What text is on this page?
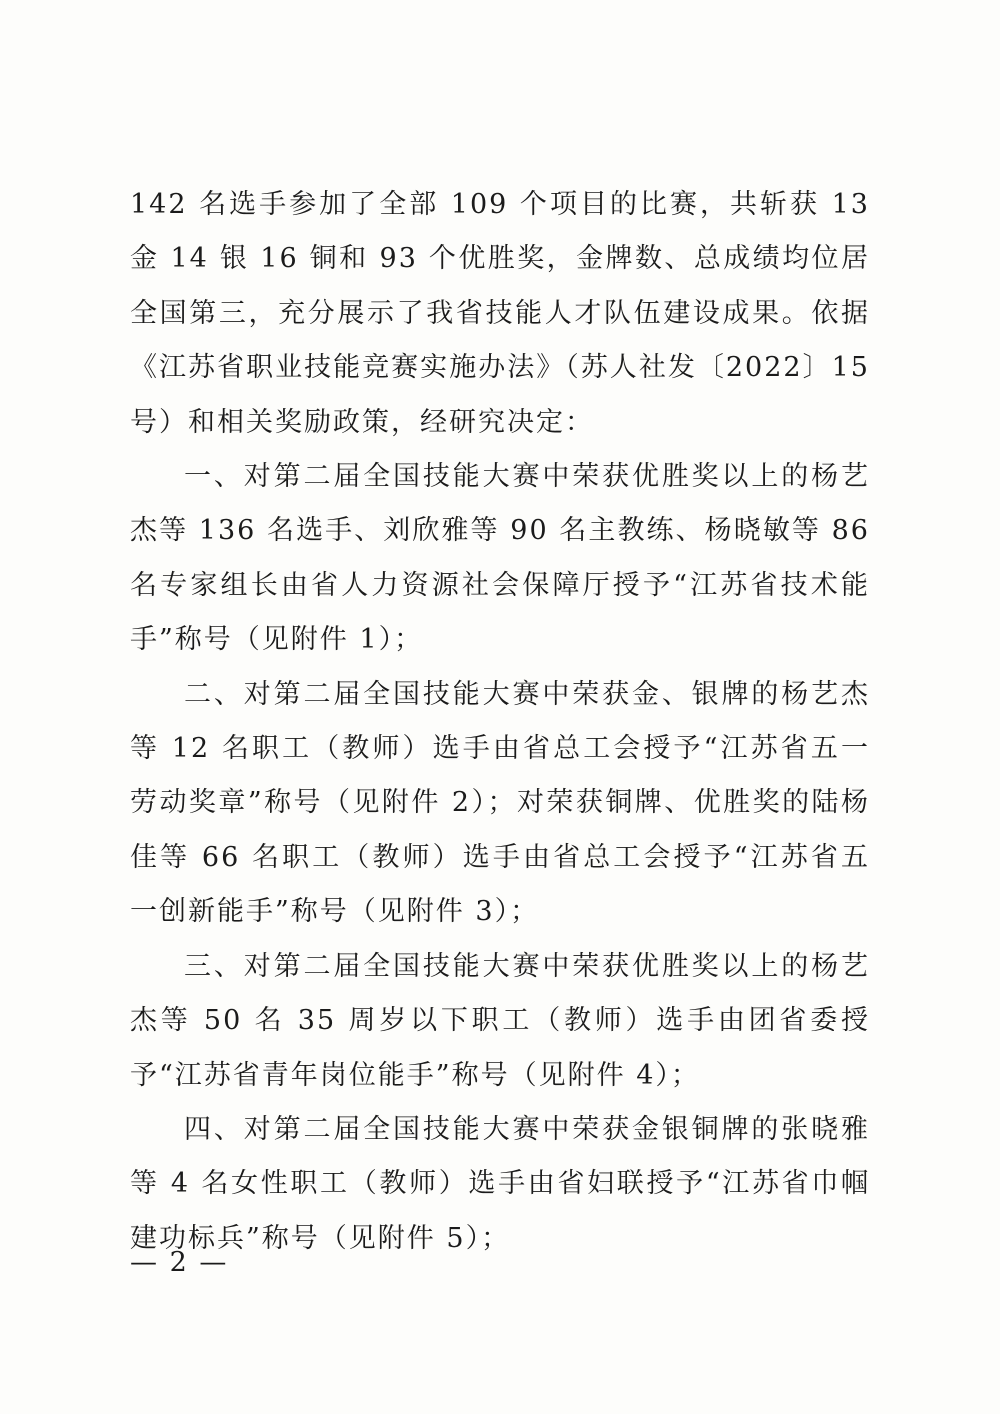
142 名选手参加了全部 109 个项目的比赛，共斩获 13 金 14 银 16 铜和 93 个优胜奖，金牌数、总成绩均位居全国第三，充分展示了我省技能人才队伍建设成果。依据《江苏省职业技能竞赛实施办法》（苏人社发〔2022〕15 号）和相关奖励政策，经研究决定：

一、对第二届全国技能大赛中荣获优胜奖以上的杨艺杰等 136 名选手、刘欣雅等 90 名主教练、杨晓敏等 86 名专家组长由省人力资源社会保障厅授予“江苏省技术能手”称号（见附件 1）；

二、对第二届全国技能大赛中荣获金、银牌的杨艺杰等 12 名职工（教师）选手由省总工会授予“江苏省五一劳动奖章”称号（见附件 2）；对荣获铜牌、优胜奖的陆杨佳等 66 名职工（教师）选手由省总工会授予“江苏省五一创新能手”称号（见附件 3）；

三、对第二届全国技能大赛中荣获优胜奖以上的杨艺杰等 50 名 35 周岁以下职工（教师）选手由团省委授予“江苏省青年岗位能手”称号（见附件 4）；

四、对第二届全国技能大赛中荣获金银铜牌的张晓雅等 4 名女性职工（教师）选手由省妇联授予“江苏省巾帼建功标兵”称号（见附件 5）；

— 2 —
